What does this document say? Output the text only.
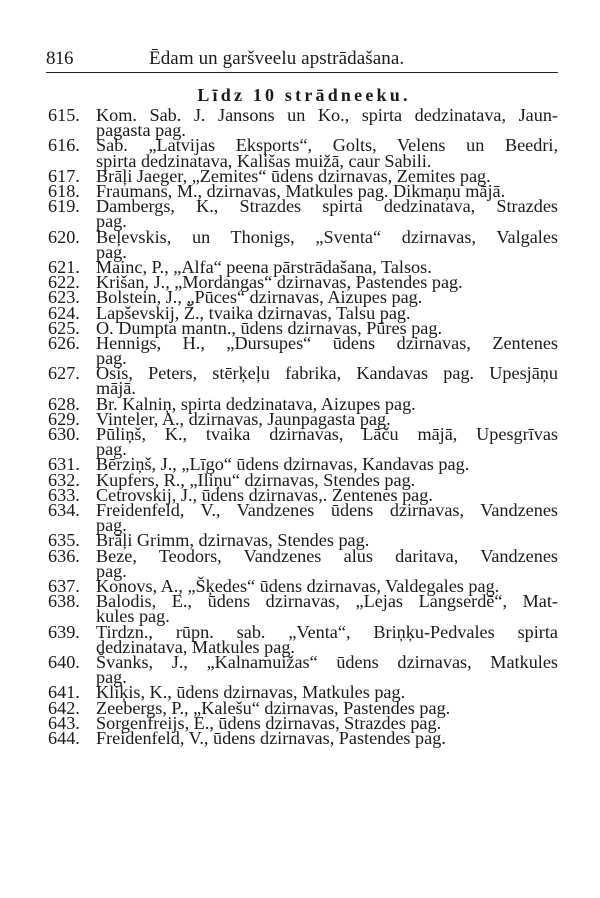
816	Ēdam un garšveelu apstrādašana.
Līdz 10 strādneeku.
615. Kom. Sab. J. Jansons un Ko., spirta dedzinatava, Jaun-
pagasta pag.
616. Sab. „Latvijas Eksports“, Golts, Velens un Beedri,
spirta dedzinatava, Kališas muižā, caur Sabili.
617. Brāļi Jaeger, „Zemites“ ūdens dzirnavas, Zemites pag.
618. Fraumans, M., dzirnavas, Matkules pag. Dikmaņu mājā.
619. Dambergs, K., Strazdes spirta dedzinatava, Strazdes
pag.
620. Beļevskis, un Thonigs, „Sventa“ dzirnavas, Valgales
pag.
621. Mainc, P., „Alfa“ peena pārstrādašana, Talsos.
622. Krišan, J., „Mordangas“ dzirnavas, Pastendes pag.
623. Bolstein, J., „Pūces“ dzirnavas, Aizupes pag.
624. Lapševskij, Ž., tvaika dzirnavas, Talsu pag.
625. O. Dumpta mantn., ūdens dzirnavas, Pūres pag.
626. Hennigs, H., „Dursupes“ ūdens dzirnavas, Zentenes
pag.
627. Osis, Peters, stērķeļu fabrika, Kandavas pag. Upesjāņu
mājā.
628. Br. Kalniņ, spirta dedzinatava, Aizupes pag.
629. Vinteler, A., dzirnavas, Jaunpagasta pag.
630. Pūliņš, K., tvaika dzirnavas, Lāču mājā, Upesgrīvas
pag.
631. Bērziņš, J., „Līgo“ ūdens dzirnavas, Kandavas pag.
632. Kupfers, R., „Iliņu“ dzirnavas, Stendes pag.
633. Cetrovskij, J., ūdens dzirnavas,. Zentenes pag.
634. Freidenfeld, V., Vandzenes ūdens dzirnavas, Vandzenes
pag.
635. Brāļi Grimm, dzirnavas, Stendes pag.
636. Beze, Teodors, Vandzenes alus daritava, Vandzenes
pag.
637. Konovs, A., „Šķedes“ ūdens dzirnavas, Valdegales pag.
638. Balodis, E., ūdens dzirnavas, „Lejas Langserdē“, Mat-
kules pag.
639. Tirdzn., rūpn. sab. „Venta“, Briņķu-Pedvales spirta
dedzinatava, Matkules pag.
640. Švanks, J., „Kalnamuižas“ ūdens dzirnavas, Matkules
pag.
641. Kliķis, K., ūdens dzirnavas, Matkules pag.
642. Zeebergs, P., „Kalešu“ dzirnavas, Pastendes pag.
643. Sorgenfreijs, E., ūdens dzirnavas, Strazdes pag.
644. Freidenfeld, V., ūdens dzirnavas, Pastendes pag.
